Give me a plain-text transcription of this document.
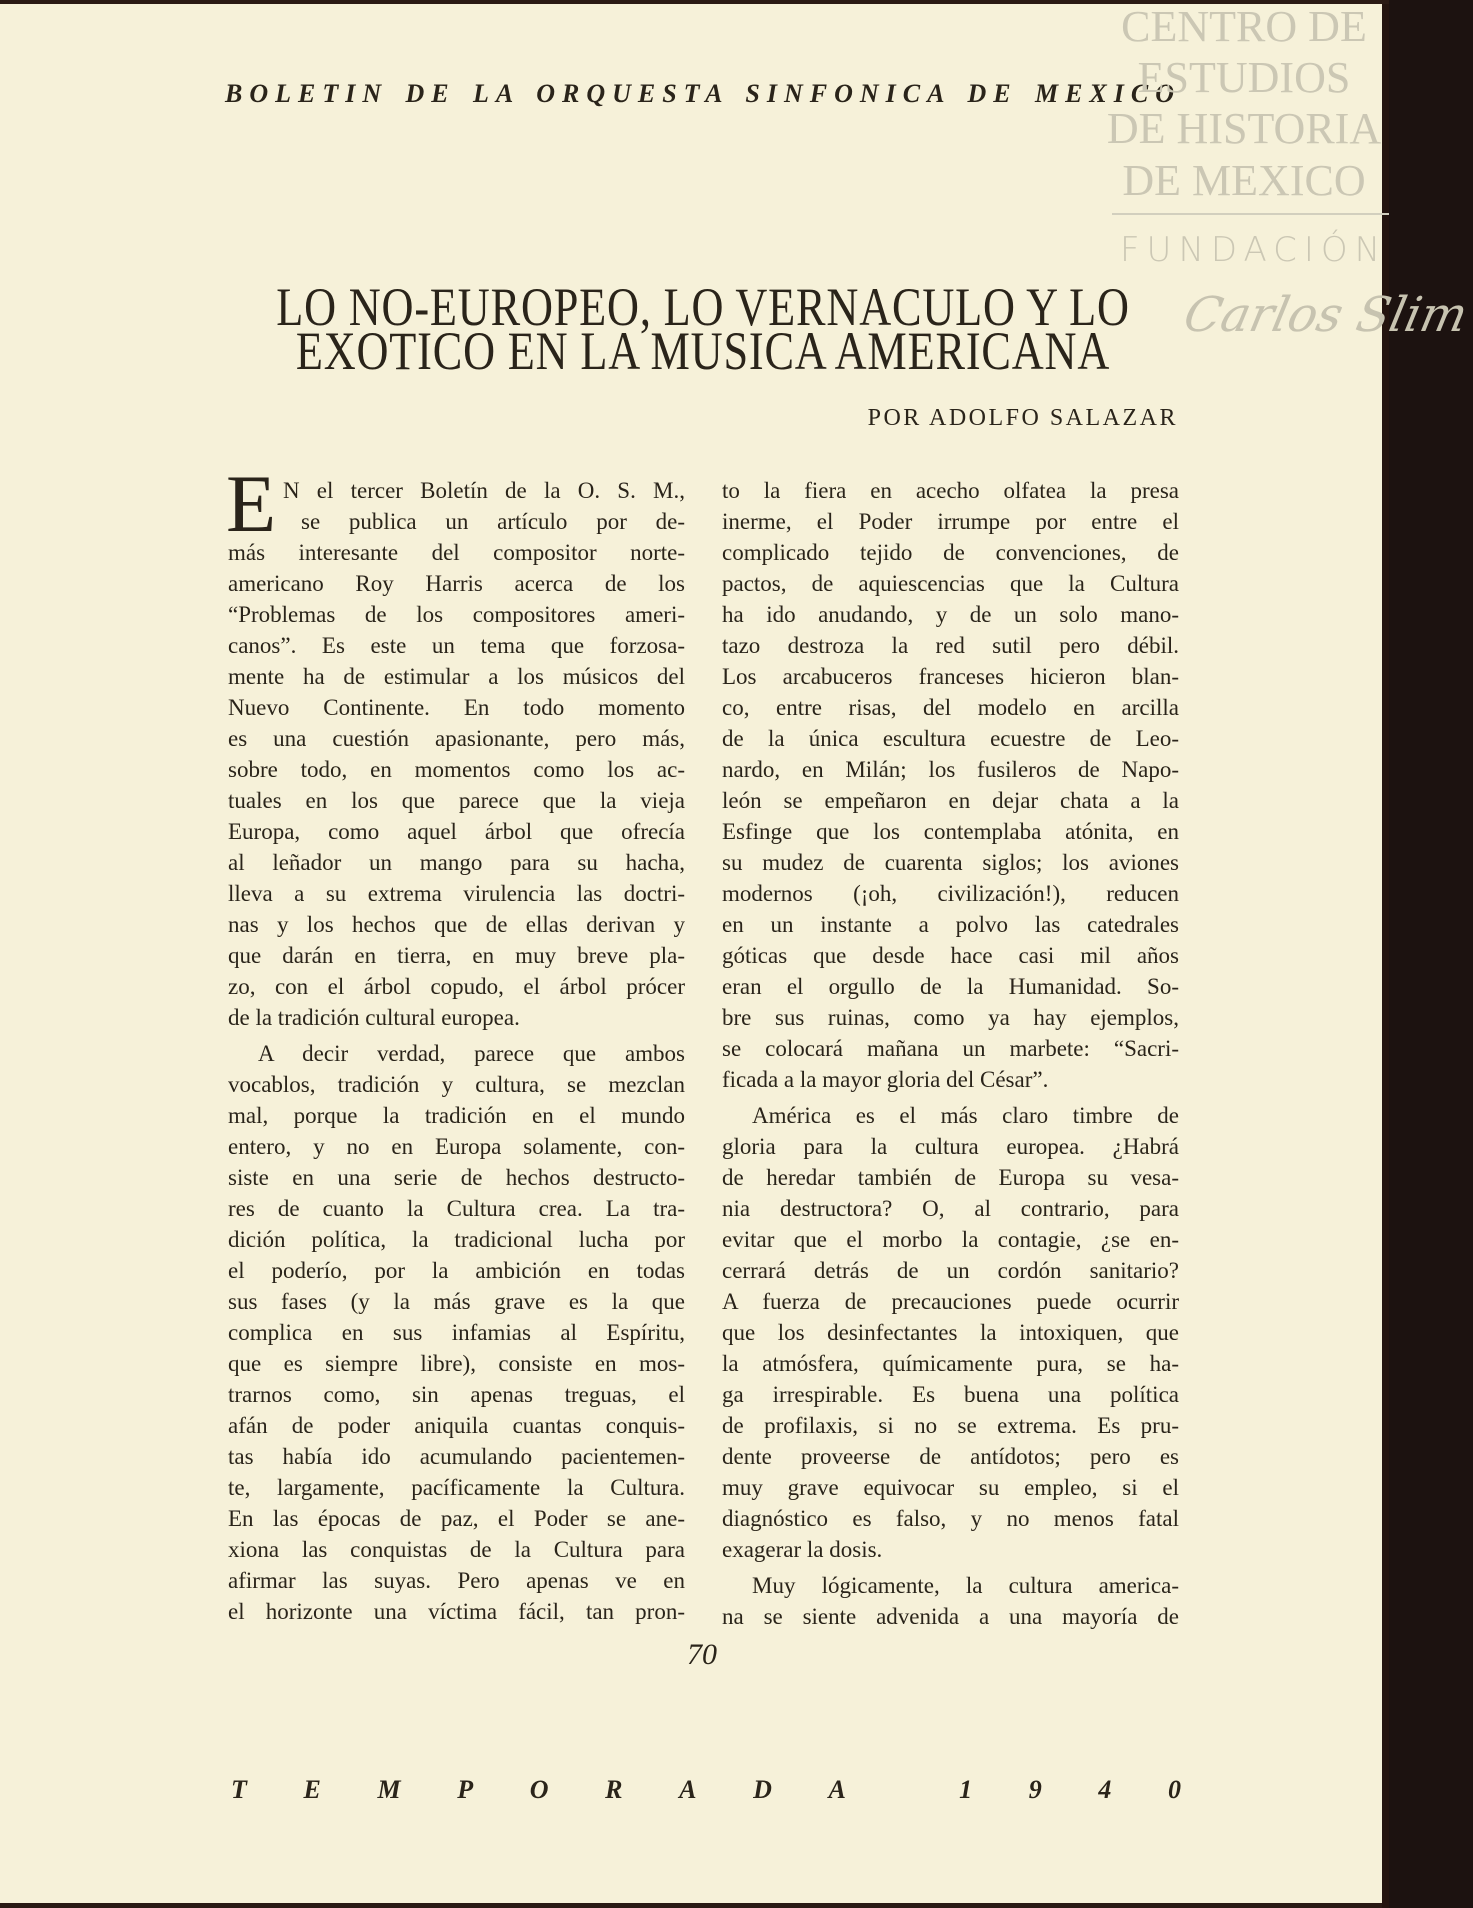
BOLETIN DE LA ORQUESTA SINFONICA DE MEXICO
CENTRO DE
ESTUDIOS
DE HISTORIA
DE MEXICO
FUNDACIÓN
Carlos Slim
LO NO-EUROPEO, LO VERNACULO Y LO
EXOTICO EN LA MUSICA AMERICANA
POR ADOLFO SALAZAR
E N el tercer Boletín de la O. S. M.,
se publica un artículo por de-
más interesante del compositor norte-
americano Roy Harris acerca de los
“Problemas de los compositores ameri-
canos”. Es este un tema que forzosa-
mente ha de estimular a los músicos del
Nuevo Continente. En todo momento
es una cuestión apasionante, pero más,
sobre todo, en momentos como los ac-
tuales en los que parece que la vieja
Europa, como aquel árbol que ofrecía
al leñador un mango para su hacha,
lleva a su extrema virulencia las doctri-
nas y los hechos que de ellas derivan y
que darán en tierra, en muy breve pla-
zo, con el árbol copudo, el árbol prócer
de la tradición cultural europea.
A decir verdad, parece que ambos
vocablos, tradición y cultura, se mezclan
mal, porque la tradición en el mundo
entero, y no en Europa solamente, con-
siste en una serie de hechos destructo-
res de cuanto la Cultura crea. La tra-
dición política, la tradicional lucha por
el poderío, por la ambición en todas
sus fases (y la más grave es la que
complica en sus infamias al Espíritu,
que es siempre libre), consiste en mos-
trarnos como, sin apenas treguas, el
afán de poder aniquila cuantas conquis-
tas había ido acumulando pacientemen-
te, largamente, pacíficamente la Cultura.
En las épocas de paz, el Poder se ane-
xiona las conquistas de la Cultura para
afirmar las suyas. Pero apenas ve en
el horizonte una víctima fácil, tan pron-
to la fiera en acecho olfatea la presa
inerme, el Poder irrumpe por entre el
complicado tejido de convenciones, de
pactos, de aquiescencias que la Cultura
ha ido anudando, y de un solo mano-
tazo destroza la red sutil pero débil.
Los arcabuceros franceses hicieron blan-
co, entre risas, del modelo en arcilla
de la única escultura ecuestre de Leo-
nardo, en Milán; los fusileros de Napo-
león se empeñaron en dejar chata a la
Esfinge que los contemplaba atónita, en
su mudez de cuarenta siglos; los aviones
modernos (¡oh, civilización!), reducen
en un instante a polvo las catedrales
góticas que desde hace casi mil años
eran el orgullo de la Humanidad. So-
bre sus ruinas, como ya hay ejemplos,
se colocará mañana un marbete: “Sacri-
ficada a la mayor gloria del César”.
América es el más claro timbre de
gloria para la cultura europea. ¿Habrá
de heredar también de Europa su vesa-
nia destructora? O, al contrario, para
evitar que el morbo la contagie, ¿se en-
cerrará detrás de un cordón sanitario?
A fuerza de precauciones puede ocurrir
que los desinfectantes la intoxiquen, que
la atmósfera, químicamente pura, se ha-
ga irrespirable. Es buena una política
de profilaxis, si no se extrema. Es pru-
dente proveerse de antídotos; pero es
muy grave equivocar su empleo, si el
diagnóstico es falso, y no menos fatal
exagerar la dosis.
Muy lógicamente, la cultura america-
na se siente advenida a una mayoría de
70
T E M P O R A D A
	1 9 4 0
